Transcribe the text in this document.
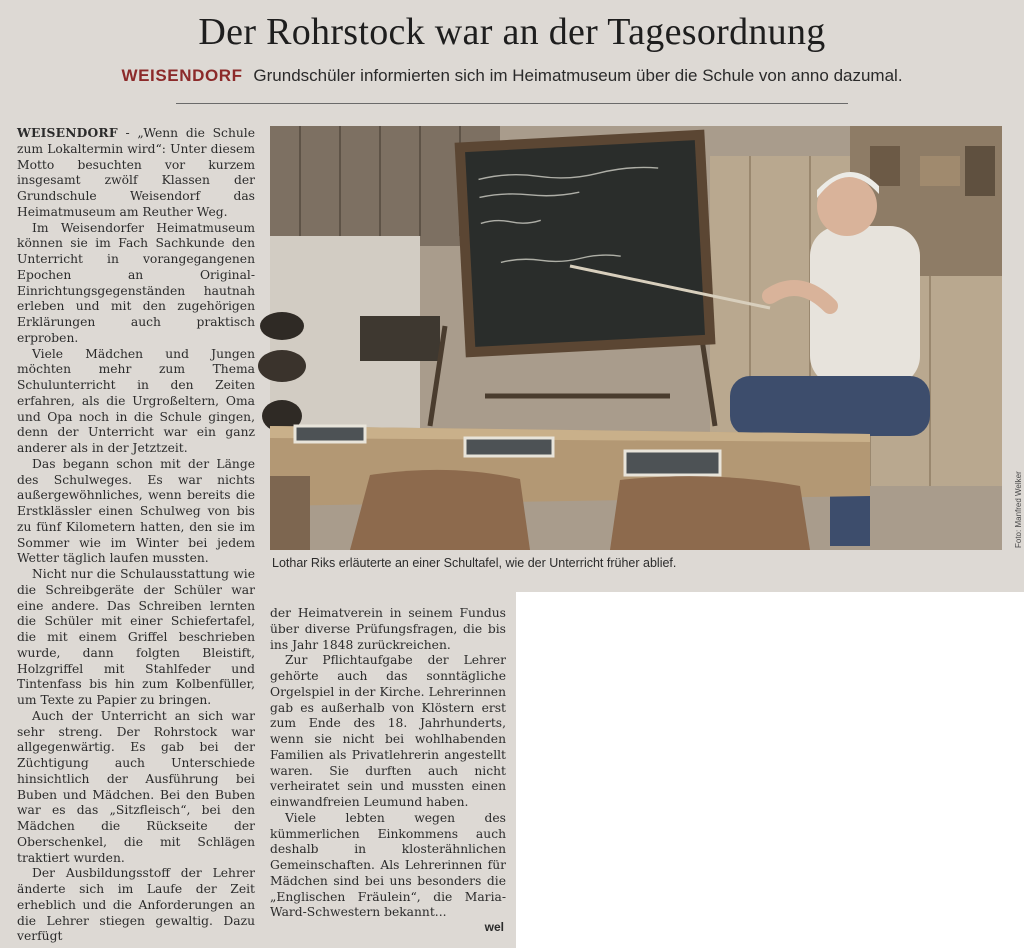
Der Rohrstock war an der Tagesordnung
WEISENDORF Grundschüler informierten sich im Heimatmuseum über die Schule von anno dazumal.

WEISENDORF - „Wenn die Schule zum Lokaltermin wird“: Unter diesem Motto besuchten vor kurzem insgesamt zwölf Klassen der Grundschule Weisendorf das Heimatmuseum am Reuther Weg.

Im Weisendorfer Heimatmuseum können sie im Fach Sachkunde den Unterricht in vorangegangenen Epochen an Original-Einrichtungsgegenständen hautnah erleben und mit den zugehörigen Erklärungen auch praktisch erproben.

Viele Mädchen und Jungen möchten mehr zum Thema Schulunterricht in den Zeiten erfahren, als die Urgroßeltern, Oma und Opa noch in die Schule gingen, denn der Unterricht war ein ganz anderer als in der Jetztzeit.

Das begann schon mit der Länge des Schulweges. Es war nichts außergewöhnliches, wenn bereits die Erstklässler einen Schulweg von bis zu fünf Kilometern hatten, den sie im Sommer wie im Winter bei jedem Wetter täglich laufen mussten.

Nicht nur die Schulausstattung wie die Schreibgeräte der Schüler war eine andere. Das Schreiben lernten die Schüler mit einer Schiefertafel, die mit einem Griffel beschrieben wurde, dann folgten Bleistift, Holzgriffel mit Stahlfeder und Tintenfass bis hin zum Kolbenfüller, um Texte zu Papier zu bringen.

Auch der Unterricht an sich war sehr streng. Der Rohrstock war allgegenwärtig. Es gab bei der Züchtigung auch Unterschiede hinsichtlich der Ausführung bei Buben und Mädchen. Bei den Buben war es das „Sitzfleisch“, bei den Mädchen die Rückseite der Oberschenkel, die mit Schlägen traktiert wurden.

Der Ausbildungsstoff der Lehrer änderte sich im Laufe der Zeit erheblich und die Anforderungen an die Lehrer stiegen gewaltig. Dazu verfügt

Foto: Manfred Welker
Lothar Riks erläuterte an einer Schultafel, wie der Unterricht früher ablief.

der Heimatverein in seinem Fundus über diverse Prüfungsfragen, die bis ins Jahr 1848 zurückreichen.

Zur Pflichtaufgabe der Lehrer gehörte auch das sonntägliche Orgelspiel in der Kirche. Lehrerinnen gab es außerhalb von Klöstern erst zum Ende des 18. Jahrhunderts, wenn sie nicht bei wohlhabenden Familien als Privatlehrerin angestellt waren. Sie durften auch nicht verheiratet sein und mussten einen einwandfreien Leumund haben.

Viele lebten wegen des kümmerlichen Einkommens auch deshalb in klosterähnlichen Gemeinschaften. Als Lehrerinnen für Mädchen sind bei uns besonders die „Englischen Fräulein“, die Maria-Ward-Schwestern bekannt...

wel
